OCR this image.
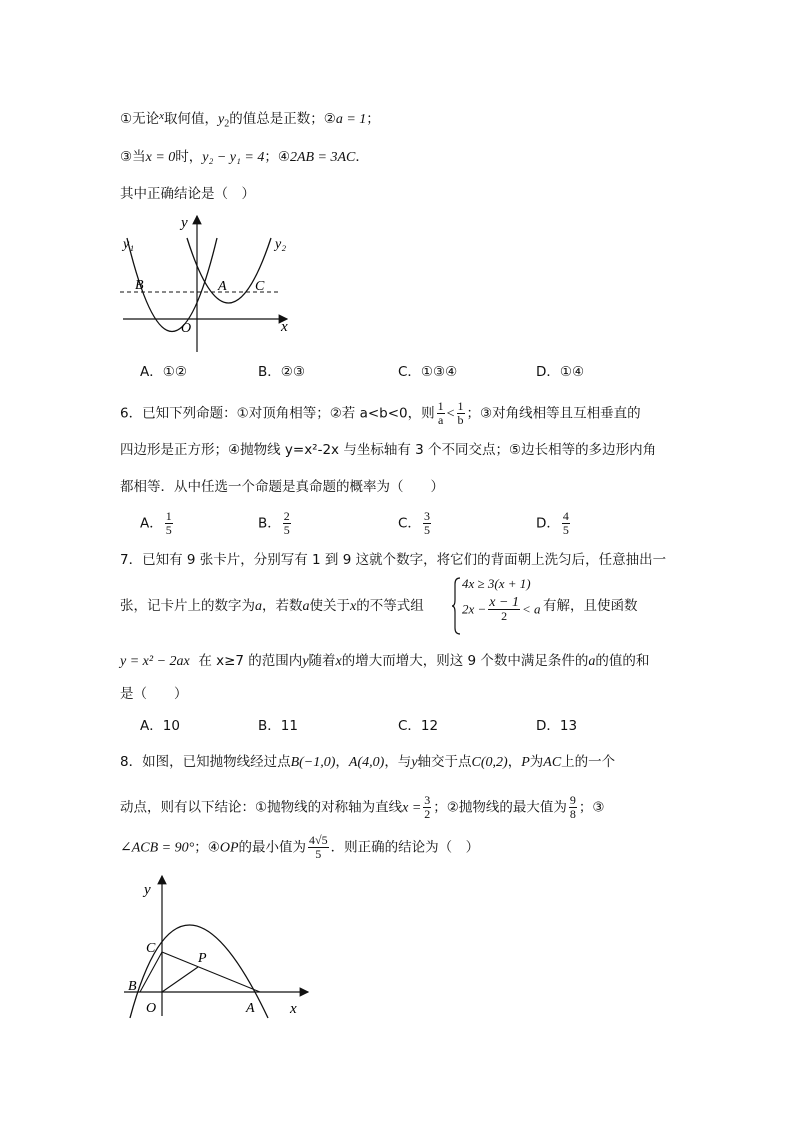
①无论$^x$取何值，$y_2$的值总是正数；②a = 1；
③当x = 0时，y₂ − y₁ = 4；④2AB = 3AC．
其中正确结论是（　）
y₁	y₂
y
x
O
B	A C
A．①②	B．②③	C．①③④	D．①④
6．已知下列命题：①对顶角相等；②若 a<b<0，则 $\frac{1}{a} < \frac{1}{b}$ ；③对角线相等且互相垂直的
四边形是正方形；④抛物线 y=x²-2x 与坐标轴有 3 个不同交点；⑤边长相等的多边形内角
都相等．从中任选一个命题是真命题的概率为（　　）
A． $\frac{1}{5}$	B． $\frac{2}{5}$	C． $\frac{3}{5}$	D． $\frac{4}{5}$
7．已知有 9 张卡片，分别写有 1 到 9 这就个数字，将它们的背面朝上洗匀后，任意抽出一
张，记卡片上的数字为a，若数a使关于x的不等式组
4x ≥ 3(x + 1)
$2x - \frac{x - 1}{2} < a$ 有解，且使函数
y = x² − 2ax 在 x≥7 的范围内y随着x的增大而增大，则这 9 个数中满足条件的a的值的和
是（　　）
A．10	B．11	C．12	D．13
8．如图，已知抛物线经过点B(−1,0)，A(4,0)，与y轴交于点C(0,2)，P为AC上的一个
动点，则有以下结论：①抛物线的对称轴为直线$x = \frac{3}{2}$ ；②抛物线的最大值为 $\frac{9}{8}$ ；③
∠ACB = 90°；④OP的最小值为 $\frac{4√5}{5}$ ．则正确的结论为（　）
y
x
C
P
B
O	A
